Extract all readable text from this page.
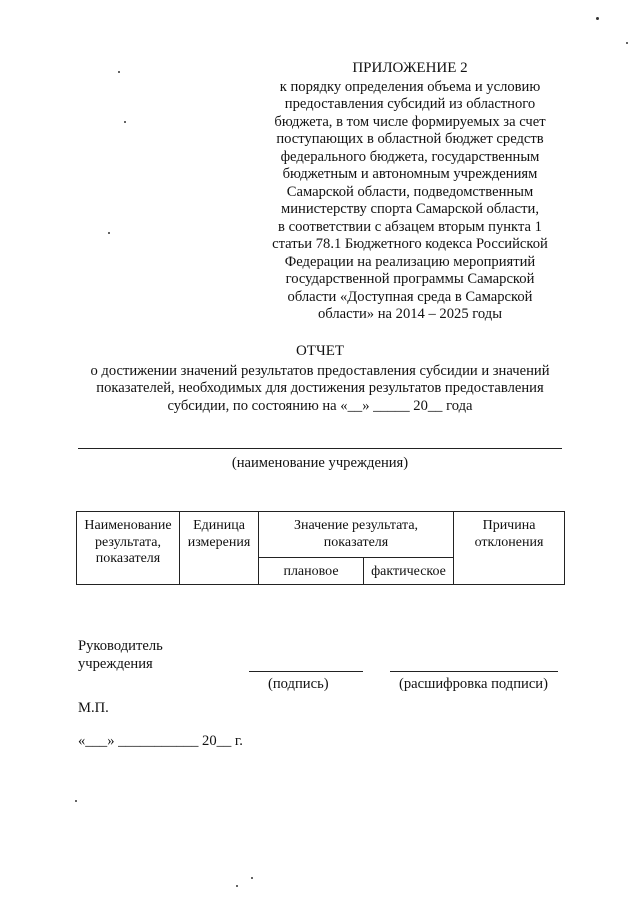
ПРИЛОЖЕНИЕ 2
к порядку определения объема и условию
предоставления субсидий из областного
бюджета, в том числе формируемых за счет
поступающих в областной бюджет средств
федерального бюджета, государственным
бюджетным и автономным учреждениям
Самарской области, подведомственным
министерству спорта Самарской области,
в соответствии с абзацем вторым пункта 1
статьи 78.1 Бюджетного кодекса Российской
Федерации на реализацию мероприятий
государственной программы Самарской
области «Доступная среда в Самарской
области» на 2014 – 2025 годы
ОТЧЕТ
о достижении значений результатов предоставления субсидии и значений
показателей, необходимых для достижения результатов предоставления
субсидии, по состоянию на «__» _____ 20__ года
(наименование учреждения)
Наименование результата, показателя	Единица измерения	Значение результата, показателя		Причина отклонения
		плановое	фактическое	
Руководитель
учреждения
(подпись)	(расшифровка подписи)
М.П.
«___» ___________ 20__ г.
